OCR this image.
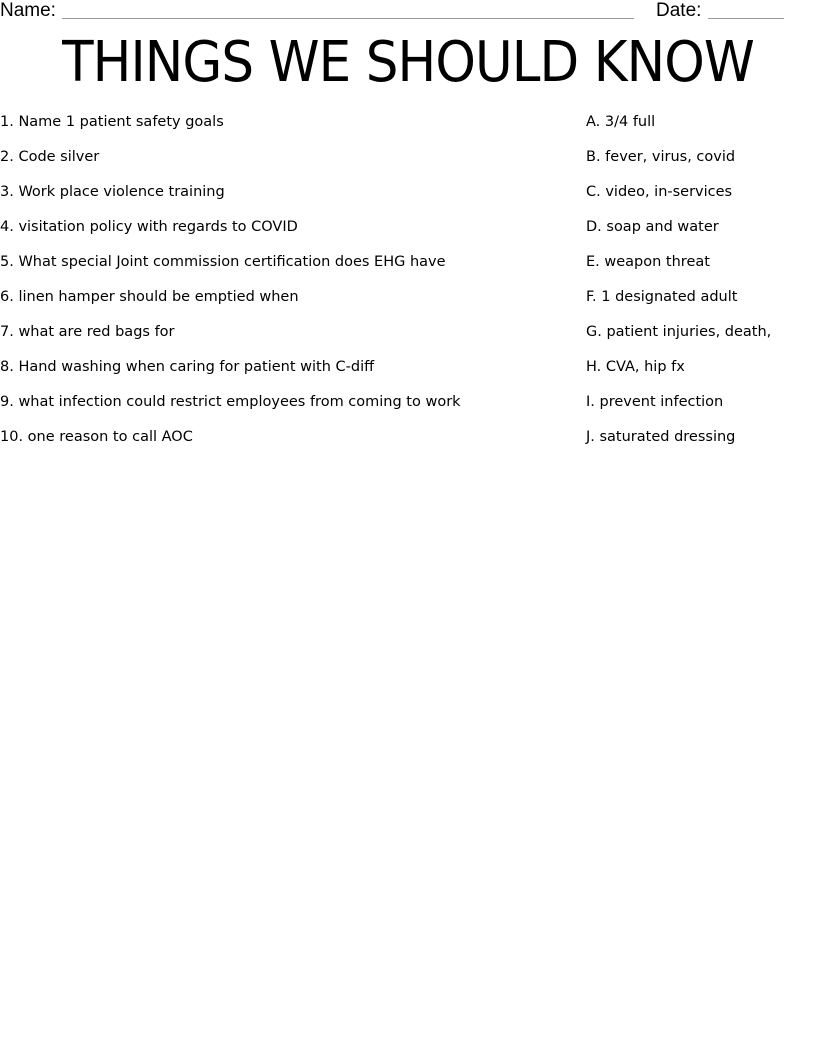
Name:	Date:
THINGS WE SHOULD KNOW
1. Name 1 patient safety goals
2. Code silver
3. Work place violence training
4. visitation policy with regards to COVID
5. What special Joint commission certification does EHG have
6. linen hamper should be emptied when
7. what are red bags for
8. Hand washing when caring for patient with C-diff
9. what infection could restrict employees from coming to work
10. one reason to call AOC
A. 3/4 full
B. fever, virus, covid
C. video, in-services
D. soap and water
E. weapon threat
F. 1 designated adult
G. patient injuries, death,
H. CVA, hip fx
I. prevent infection
J. saturated dressing
